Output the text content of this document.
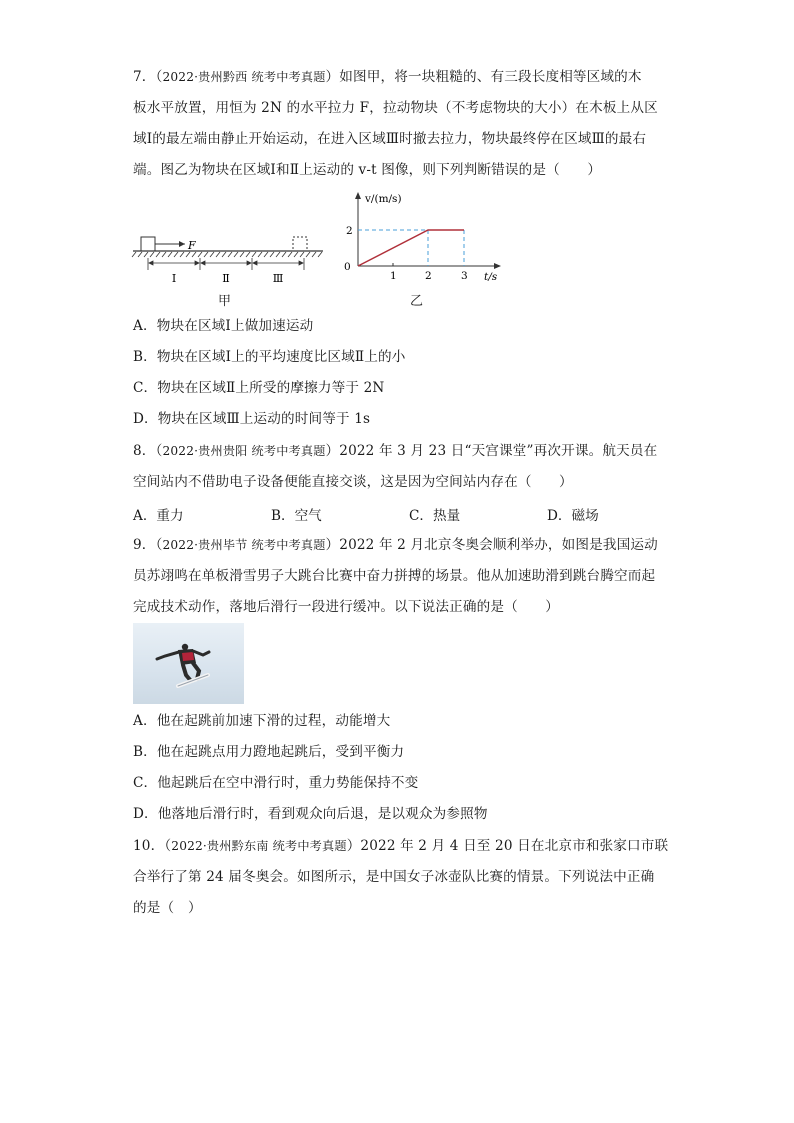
7．（2022·贵州黔西 统考中考真题）如图甲，将一块粗糙的、有三段长度相等区域的木
板水平放置，用恒为 2N 的水平拉力 F，拉动物块（不考虑物块的大小）在木板上从区
域Ⅰ的最左端由静止开始运动，在进入区域Ⅲ时撤去拉力，物块最终停在区域Ⅲ的最右
端。图乙为物块在区域Ⅰ和Ⅱ上运动的 v-t 图像，则下列判断错误的是（　　）
F
Ⅰ	Ⅱ	Ⅲ
甲
v/(m/s)
t/s
0
2
1	2	3
乙
A．物块在区域Ⅰ上做加速运动
B．物块在区域Ⅰ上的平均速度比区域Ⅱ上的小
C．物块在区域Ⅱ上所受的摩擦力等于 2N
D．物块在区域Ⅲ上运动的时间等于 1s
8．（2022·贵州贵阳 统考中考真题）2022 年 3 月 23 日“天宫课堂”再次开课。航天员在
空间站内不借助电子设备便能直接交谈，这是因为空间站内存在（　　）
A．重力	B．空气	C．热量	D．磁场
9．（2022·贵州毕节 统考中考真题）2022 年 2 月北京冬奥会顺利举办，如图是我国运动
员苏翊鸣在单板滑雪男子大跳台比赛中奋力拼搏的场景。他从加速助滑到跳台腾空而起
完成技术动作，落地后滑行一段进行缓冲。以下说法正确的是（　　）
A．他在起跳前加速下滑的过程，动能增大
B．他在起跳点用力蹬地起跳后，受到平衡力
C．他起跳后在空中滑行时，重力势能保持不变
D．他落地后滑行时，看到观众向后退，是以观众为参照物
10．（2022·贵州黔东南 统考中考真题）2022 年 2 月 4 日至 20 日在北京市和张家口市联
合举行了第 24 届冬奥会。如图所示，是中国女子冰壶队比赛的情景。下列说法中正确
的是（　）
